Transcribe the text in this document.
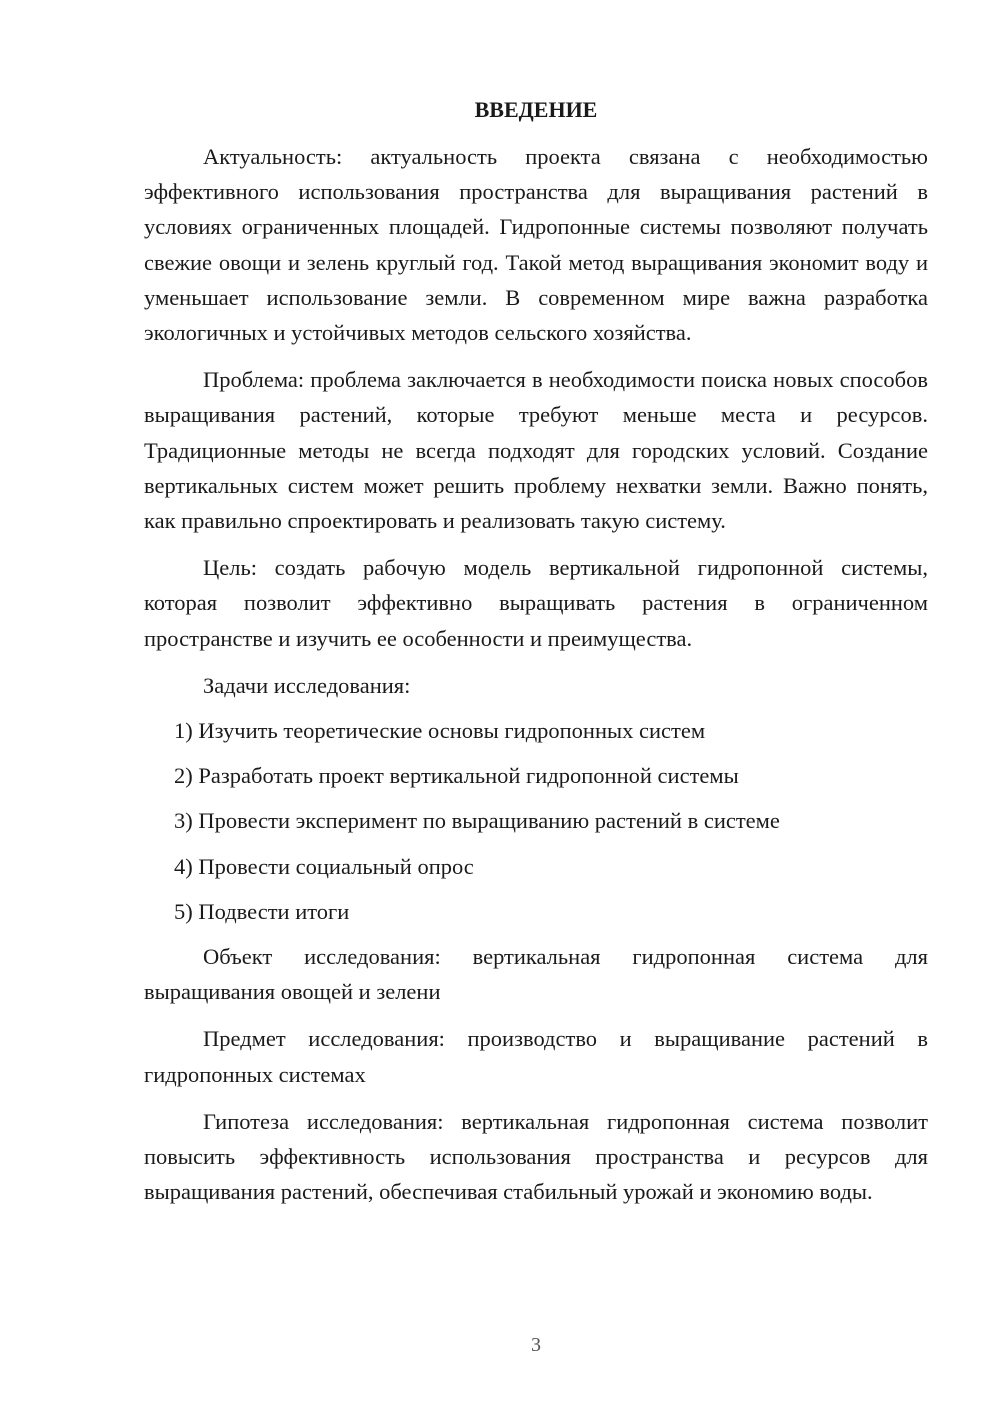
ВВЕДЕНИЕ

Актуальность: актуальность проекта связана с необходимостью эффективного использования пространства для выращивания растений в условиях ограниченных площадей. Гидропонные системы позволяют получать свежие овощи и зелень круглый год. Такой метод выращивания экономит воду и уменьшает использование земли. В современном мире важна разработка экологичных и устойчивых методов сельского хозяйства.

Проблема: проблема заключается в необходимости поиска новых способов выращивания растений, которые требуют меньше места и ресурсов. Традиционные методы не всегда подходят для городских условий. Создание вертикальных систем может решить проблему нехватки земли. Важно понять, как правильно спроектировать и реализовать такую систему.

Цель: создать рабочую модель вертикальной гидропонной системы, которая позволит эффективно выращивать растения в ограниченном пространстве и изучить ее особенности и преимущества.

Задачи исследования:

1) Изучить теоретические основы гидропонных систем
2) Разработать проект вертикальной гидропонной системы
3) Провести эксперимент по выращиванию растений в системе
4) Провести социальный опрос
5) Подвести итоги

Объект исследования: вертикальная гидропонная система для выращивания овощей и зелени

Предмет исследования: производство и выращивание растений в гидропонных системах

Гипотеза исследования: вертикальная гидропонная система позволит повысить эффективность использования пространства и ресурсов для выращивания растений, обеспечивая стабильный урожай и экономию воды.

3
